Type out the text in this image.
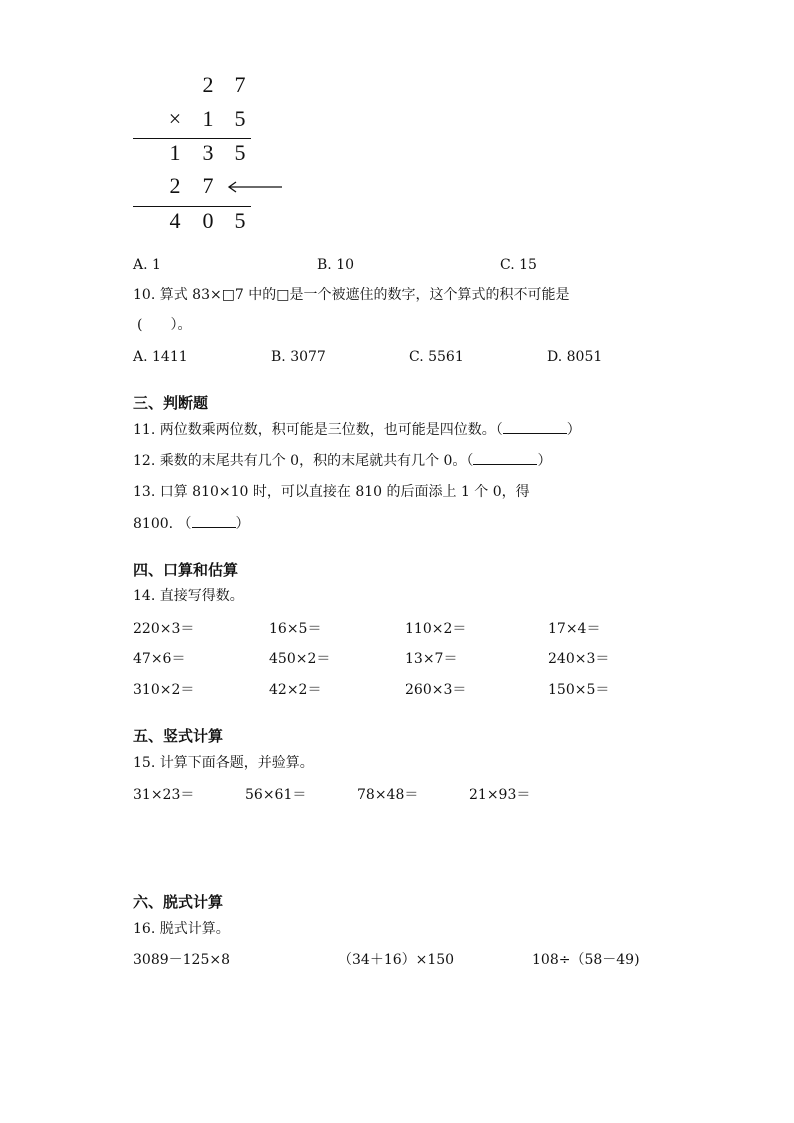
2 7
× 1 5
1 3 5
2 7
4 0 5
A. 1	B. 10	C. 15
10. 算式 83×□7 中的□是一个被遮住的数字，这个算式的积不可能是
(　　）。
A. 1411	B. 3077	C. 5561	D. 8051
三、判断题
11. 两位数乘两位数，积可能是三位数，也可能是四位数。（	）
12. 乘数的末尾共有几个 0，积的末尾就共有几个 0。（	）
13. 口算 810×10 时，可以直接在 810 的后面添上 1 个 0，得
8100. （	）
四、口算和估算
14. 直接写得数。
220×3＝	16×5＝	110×2＝	17×4＝
47×6＝	450×2＝	13×7＝	240×3＝
310×2＝	42×2＝	260×3＝	150×5＝
五、竖式计算
15. 计算下面各题，并验算。
31×23＝	56×61＝	78×48＝	21×93＝
六、脱式计算
16. 脱式计算。
3089－125×8	（34＋16）×150	108÷（58－49)
